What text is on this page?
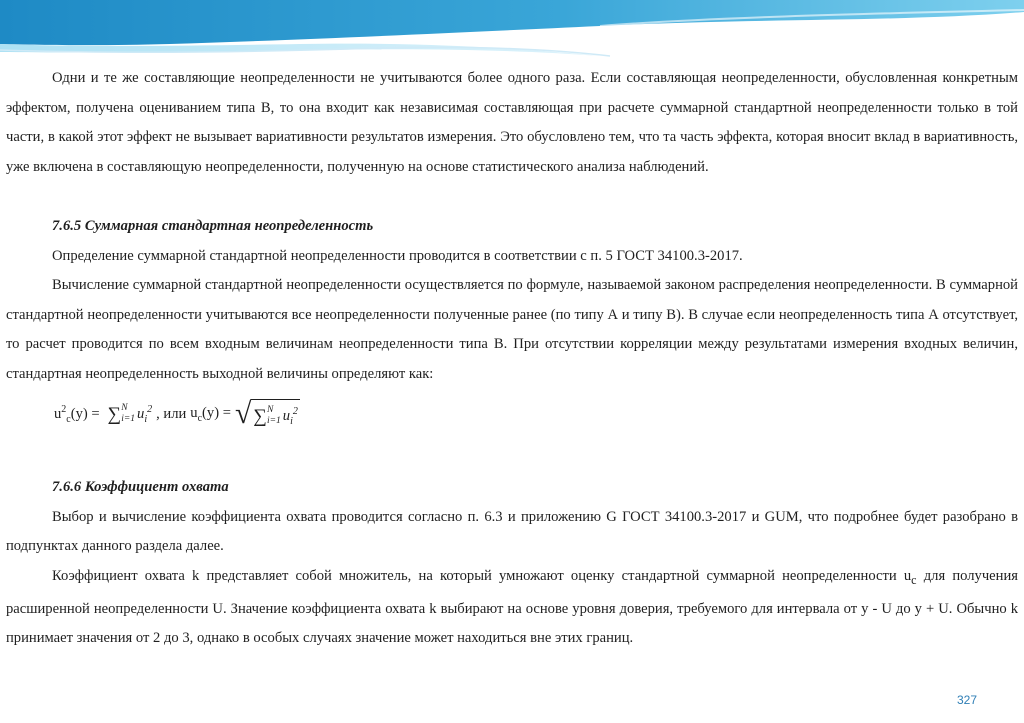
Одни и те же составляющие неопределенности не учитываются более одного раза. Если составляющая неопределенности, обусловленная конкретным эффектом, получена оцениванием типа В, то она входит как независимая составляющая при расчете суммарной стандартной неопределенности только в той части, в какой этот эффект не вызывает вариативности результатов измерения. Это обусловлено тем, что та часть эффекта, которая вносит вклад в вариативность, уже включена в составляющую неопределенности, полученную на основе статистического анализа наблюдений.

7.6.5 Суммарная стандартная неопределенность

Определение суммарной стандартной неопределенности проводится в соответствии с п. 5 ГОСТ 34100.3-2017.

Вычисление суммарной стандартной неопределенности осуществляется по формуле, называемой законом распределения неопределенности. В суммарной стандартной неопределенности учитываются все неопределенности полученные ранее (по типу А и типу В). В случае если неопределенность типа А отсутствует, то расчет проводится по всем входным величинам неопределенности типа В. При отсутствии корреляции между результатами измерения входных величин, стандартная неопределенность выходной величины определяют как:

$u^2_c(y)$ = ∑ N
i=1 $u_i^2$ , или $u_c(y)$ = √ ∑ N
i=1 $u_i^2$
7.6.6 Коэффициент охвата

Выбор и вычисление коэффициента охвата проводится согласно п. 6.3 и приложению G ГОСТ 34100.3-2017 и GUM, что подробнее будет разобрано в подпунктах данного раздела далее.

Коэффициент охвата k представляет собой множитель, на который умножают оценку стандартной суммарной неопределенности $u_c$ для получения расширенной неопределенности U. Значение коэффициента охвата k выбирают на основе уровня доверия, требуемого для интервала от y - U до y + U. Обычно k принимает значения от 2 до 3, однако в особых случаях значение может находиться вне этих границ.

327
